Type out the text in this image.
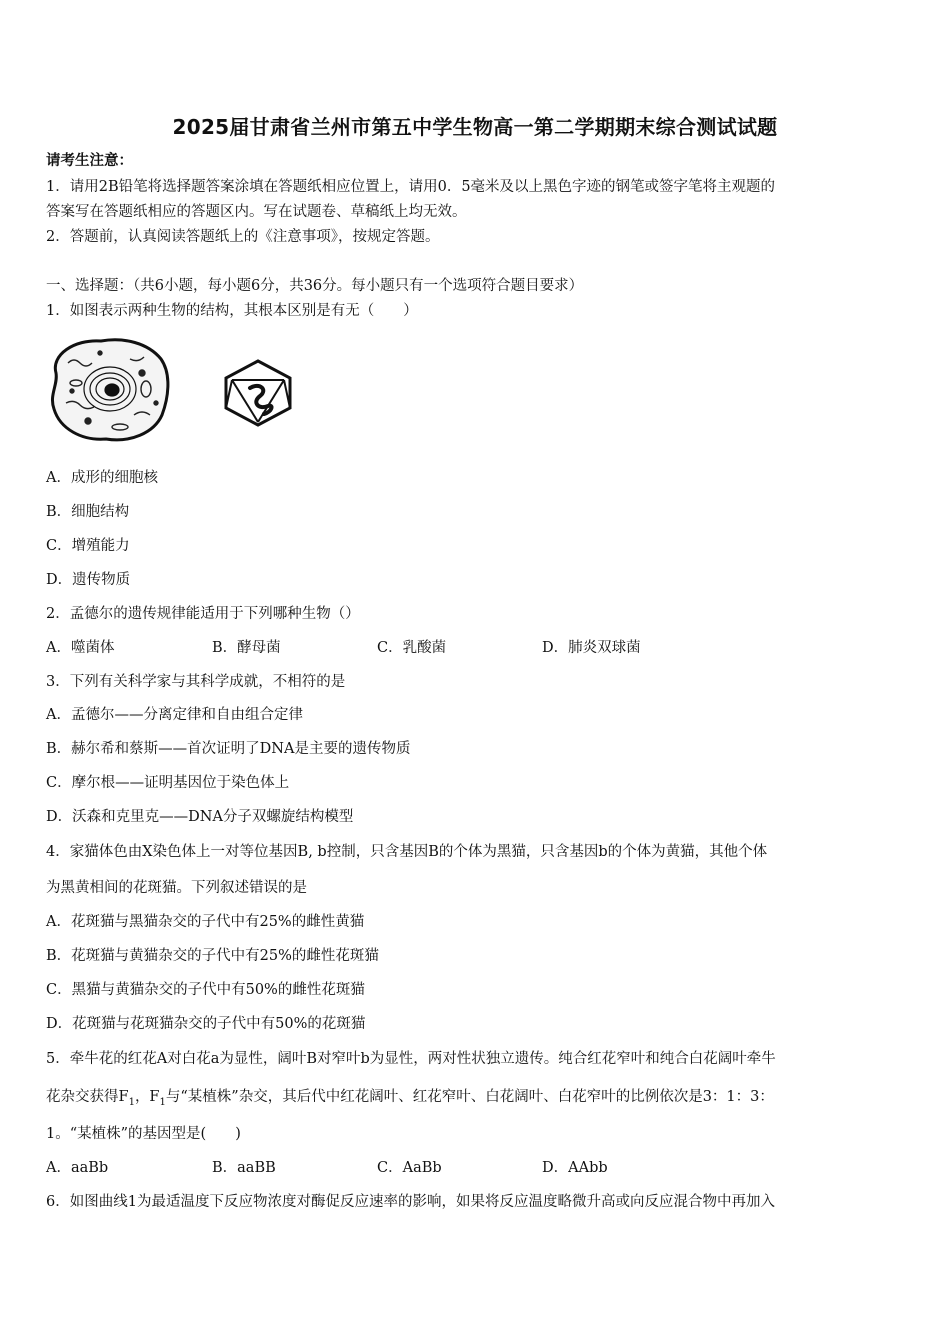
2025届甘肃省兰州市第五中学生物高一第二学期期末综合测试试题
请考生注意：
1．请用2B铅笔将选择题答案涂填在答题纸相应位置上，请用0．5毫米及以上黑色字迹的钢笔或签字笔将主观题的
答案写在答题纸相应的答题区内。写在试题卷、草稿纸上均无效。
2．答题前，认真阅读答题纸上的《注意事项》，按规定答题。
一、选择题：（共6小题，每小题6分，共36分。每小题只有一个选项符合题目要求）
1．如图表示两种生物的结构，其根本区别是有无（　　）
A．成形的细胞核
B．细胞结构
C．增殖能力
D．遗传物质
2．孟德尔的遗传规律能适用于下列哪种生物（）
A．噬菌体	B．酵母菌	C．乳酸菌	D．肺炎双球菌
3．下列有关科学家与其科学成就，不相符的是
A．孟德尔——分离定律和自由组合定律
B．赫尔希和蔡斯——首次证明了DNA是主要的遗传物质
C．摩尔根——证明基因位于染色体上
D．沃森和克里克——DNA分子双螺旋结构模型
4．家猫体色由X染色体上一对等位基因B, b控制，只含基因B的个体为黑猫，只含基因b的个体为黄猫，其他个体
为黑黄相间的花斑猫。下列叙述错误的是
A．花斑猫与黑猫杂交的子代中有25%的雌性黄猫
B．花斑猫与黄猫杂交的子代中有25%的雌性花斑猫
C．黑猫与黄猫杂交的子代中有50%的雌性花斑猫
D．花斑猫与花斑猫杂交的子代中有50%的花斑猫
5．牵牛花的红花A对白花a为显性，阔叶B对窄叶b为显性，两对性状独立遗传。纯合红花窄叶和纯合白花阔叶牵牛
花杂交获得$F_1$，$F_1$与“某植株”杂交，其后代中红花阔叶、红花窄叶、白花阔叶、白花窄叶的比例依次是3：1：3：
1。“某植株”的基因型是(　　)
A．aaBb	B．aaBB	C．AaBb	D．AAbb
6．如图曲线1为最适温度下反应物浓度对酶促反应速率的影响，如果将反应温度略微升高或向反应混合物中再加入
